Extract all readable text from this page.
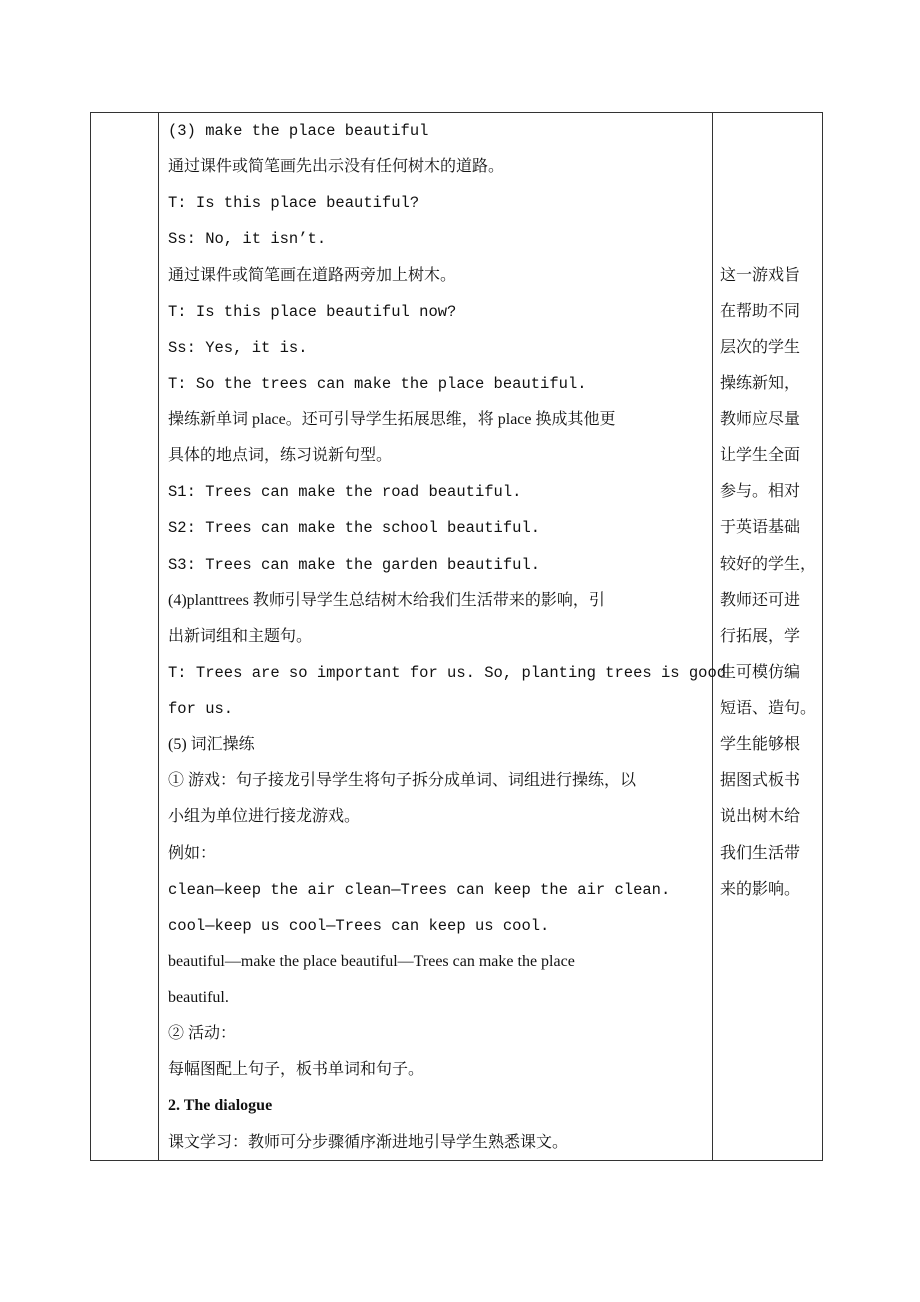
(3) make the place beautiful
通过课件或简笔画先出示没有任何树木的道路。
T: Is this place beautiful?
Ss: No, it isn’t.
通过课件或简笔画在道路两旁加上树木。
T: Is this place beautiful now?
Ss: Yes, it is.
T: So the trees can make the place beautiful.
操练新单词 place。还可引导学生拓展思维，将 place 换成其他更
具体的地点词，练习说新句型。
S1: Trees can make the road beautiful.
S2: Trees can make the school beautiful.
S3: Trees can make the garden beautiful.
(4)planttrees 教师引导学生总结树木给我们生活带来的影响，引
出新词组和主题句。
T: Trees are so important for us. So, planting trees is good
for us.
(5) 词汇操练
① 游戏：句子接龙引导学生将句子拆分成单词、词组进行操练，以
小组为单位进行接龙游戏。
例如：
clean—keep the air clean—Trees can keep the air clean.
cool—keep us cool—Trees can keep us cool.
beautiful—make the place beautiful—Trees can make the place
beautiful.
② 活动：
每幅图配上句子，板书单词和句子。
2. The dialogue
课文学习：教师可分步骤循序渐进地引导学生熟悉课文。
这一游戏旨
在帮助不同
层次的学生
操练新知，
教师应尽量
让学生全面
参与。相对
于英语基础
较好的学生，
教师还可进
行拓展，学
生可模仿编
短语、造句。
学生能够根
据图式板书
说出树木给
我们生活带
来的影响。
